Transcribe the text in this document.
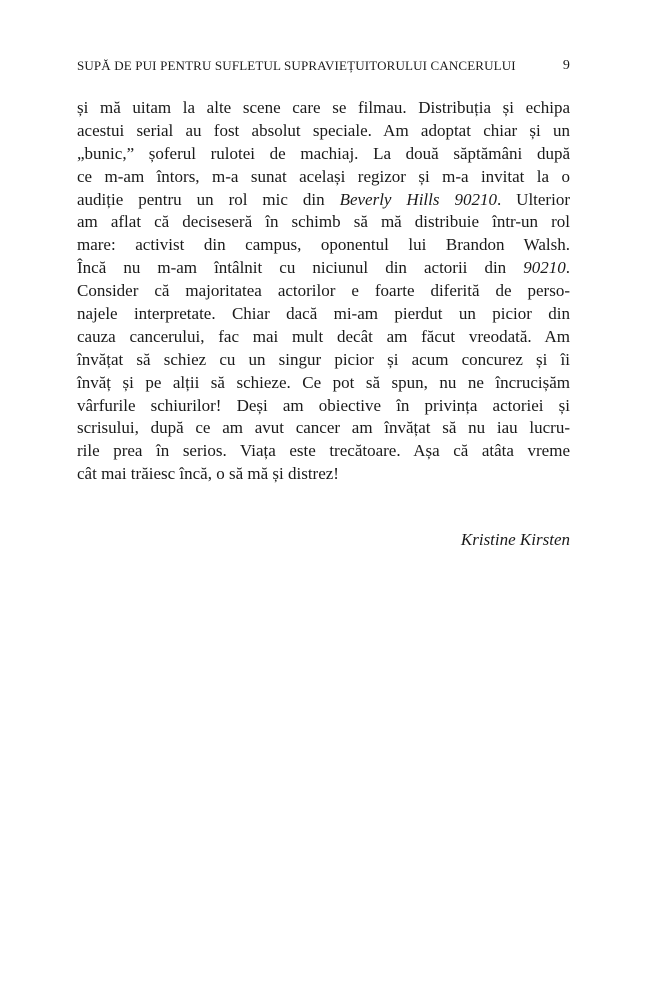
SUPĂ DE PUI PENTRU SUFLETUL SUPRAVIEȚUITORULUI CANCERULUI	9
și mă uitam la alte scene care se filmau. Distribuția și echipa
acestui serial au fost absolut speciale. Am adoptat chiar și un
„bunic,” șoferul rulotei de machiaj. La două săptămâni după
ce m-am întors, m-a sunat același regizor și m-a invitat la o
audiție pentru un rol mic din Beverly Hills 90210. Ulterior
am aflat că deciseseră în schimb să mă distribuie într-un rol
mare: activist din campus, oponentul lui Brandon Walsh.
Încă nu m-am întâlnit cu niciunul din actorii din 90210.
Consider că majoritatea actorilor e foarte diferită de perso-
najele interpretate. Chiar dacă mi-am pierdut un picior din
cauza cancerului, fac mai mult decât am făcut vreodată. Am
învățat să schiez cu un singur picior și acum concurez și îi
învăț și pe alții să schieze. Ce pot să spun, nu ne încrucișăm
vârfurile schiurilor! Deși am obiective în privința actoriei și
scrisului, după ce am avut cancer am învățat să nu iau lucru-
rile prea în serios. Viața este trecătoare. Așa că atâta vreme
cât mai trăiesc încă, o să mă și distrez!
Kristine Kirsten
